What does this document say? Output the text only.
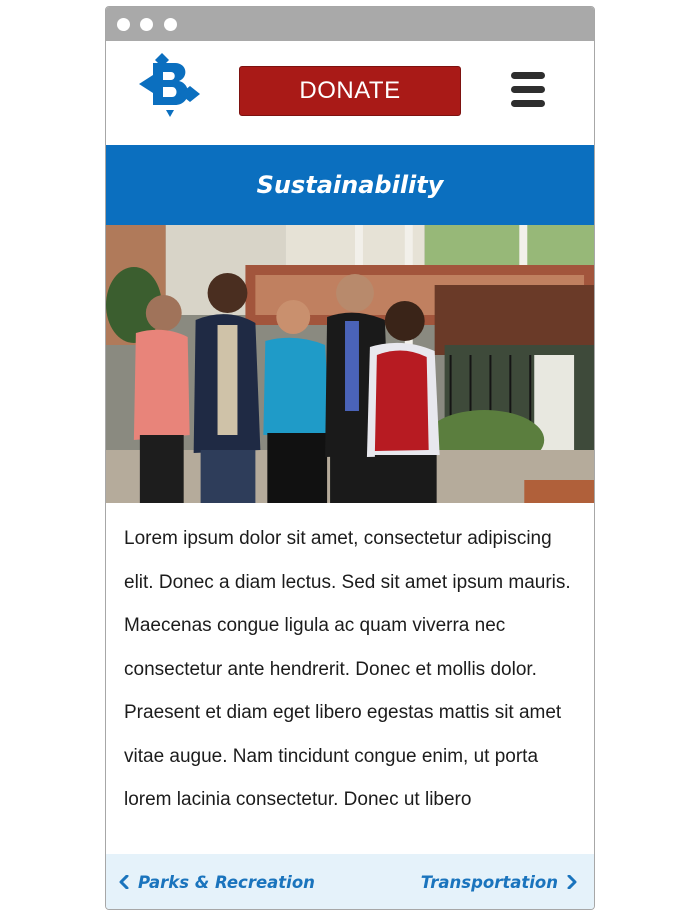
DONATE
Sustainability

Lorem ipsum dolor sit amet, consectetur adipiscing elit. Donec a diam lectus. Sed sit amet ipsum mauris. Maecenas congue ligula ac quam viverra nec consectetur ante hendrerit. Donec et mollis dolor. Praesent et diam eget libero egestas mattis sit amet vitae augue. Nam tincidunt congue enim, ut porta lorem lacinia consectetur. Donec ut libero

Parks & Recreation	Transportation
